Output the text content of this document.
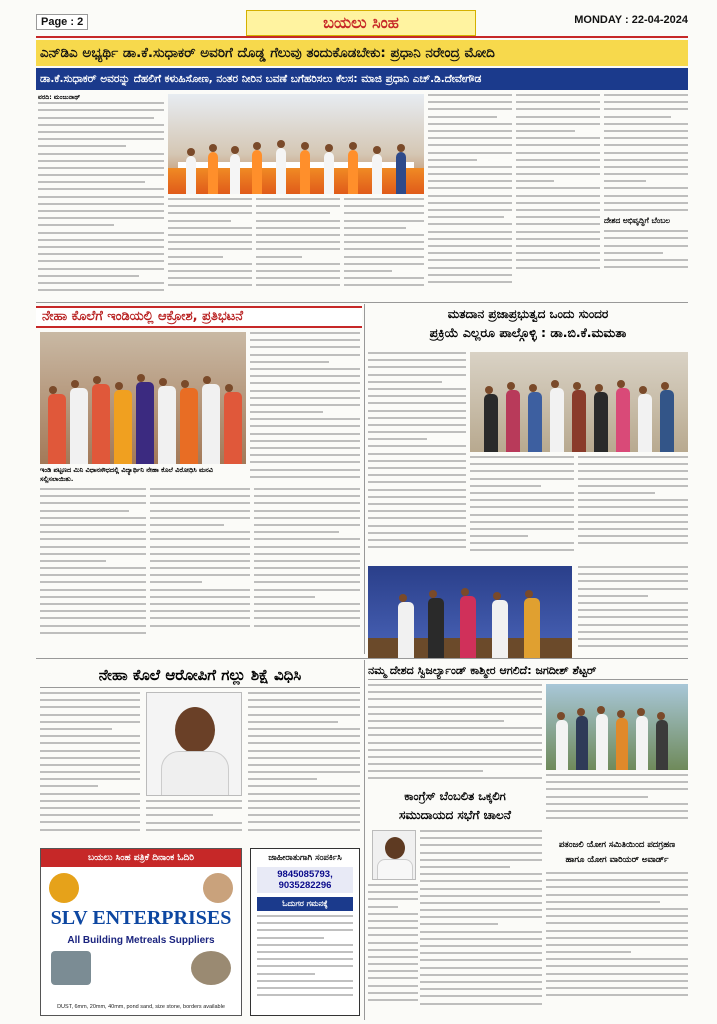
Page : 2	ಬಯಲು ಸಿಂಹ	MONDAY : 22-04-2024
ಎನ್‌ಡಿಎ ಅಭ್ಯರ್ಥಿ ಡಾ.ಕೆ.ಸುಧಾಕರ್ ಅವರಿಗೆ ದೊಡ್ಡ ಗೆಲುವು ತಂದುಕೊಡಬೇಕು: ಪ್ರಧಾನಿ ನರೇಂದ್ರ ಮೋದಿ
ಡಾ.ಕೆ.ಸುಧಾಕರ್ ಅವರನ್ನು ದೆಹಲಿಗೆ ಕಳುಹಿಸೋಣ, ನಂತರ ನೀರಿನ ಬವಣೆ ಬಗೆಹರಿಸಲು ಕೆಲಸ: ಮಾಜಿ ಪ್ರಧಾನಿ ಎಚ್.ಡಿ.ದೇವೇಗೌಡ
ವರದಿ: ಮಂಜುನಾಥ್
ದೇಶದ ಅಭಿವೃದ್ಧಿಗೆ ಬೆಂಬಲ
ನೇಹಾ ಕೊಲೆಗೆ ಇಂಡಿಯಲ್ಲಿ ಆಕ್ರೋಶ, ಪ್ರತಿಭಟನೆ
ಇಂಡಿ ಪಟ್ಟಣದ ಮಿನಿ ವಿಧಾನಸೌಧದಲ್ಲಿ ವಿದ್ಯಾರ್ಥಿನಿ ನೇಹಾ ಕೊಲೆ ವಿರೋಧಿಸಿ ಮನವಿ ಸಲ್ಲಿಸಲಾಯಿತು.
ಮತದಾನ ಪ್ರಜಾಪ್ರಭುತ್ವದ ಒಂದು ಸುಂದರ
ಪ್ರಕ್ರಿಯೆ ಎಲ್ಲರೂ ಪಾಲ್ಗೊಳ್ಳಿ : ಡಾ.ಬಿ.ಕೆ.ಮಮತಾ
ನೇಹಾ ಕೊಲೆ ಆರೋಪಿಗೆ ಗಲ್ಲು ಶಿಕ್ಷೆ ವಿಧಿಸಿ
ಬಯಲು ಸಿಂಹ ಪತ್ರಿಕೆ ದಿನಾಂಕ ಓದಿರಿ
SLV ENTERPRISES
All Building Metreals Suppliers
DUST, 6mm, 20mm, 40mm, pond sand, size stone, borders available
ಜಾಹೀರಾತುಗಾಗಿ ಸಂಪರ್ಕಿಸಿ
9845085793, 9035282296
ಓದುಗರ ಗಮನಕ್ಕೆ
ನಮ್ಮ ದೇಶದ ಸ್ವಿಜರ್ಲ್ಯಾಂಡ್ ಕಾಶ್ಮೀರ ಆಗಲಿದೆ: ಜಗದೀಶ್ ಶೆಟ್ಟರ್
ಕಾಂಗ್ರೆಸ್ ಬೆಂಬಲಿತ ಒಕ್ಕಲಿಗ
ಸಮುದಾಯದ ಸಭೆಗೆ ಚಾಲನೆ
ಪತಂಜಲಿ ಯೋಗ ಸಮಿತಿಯಿಂದ ಪದಗ್ರಹಣ
ಹಾಗೂ ಯೋಗ ವಾರಿಯರ್ ಅವಾರ್ಡ್
